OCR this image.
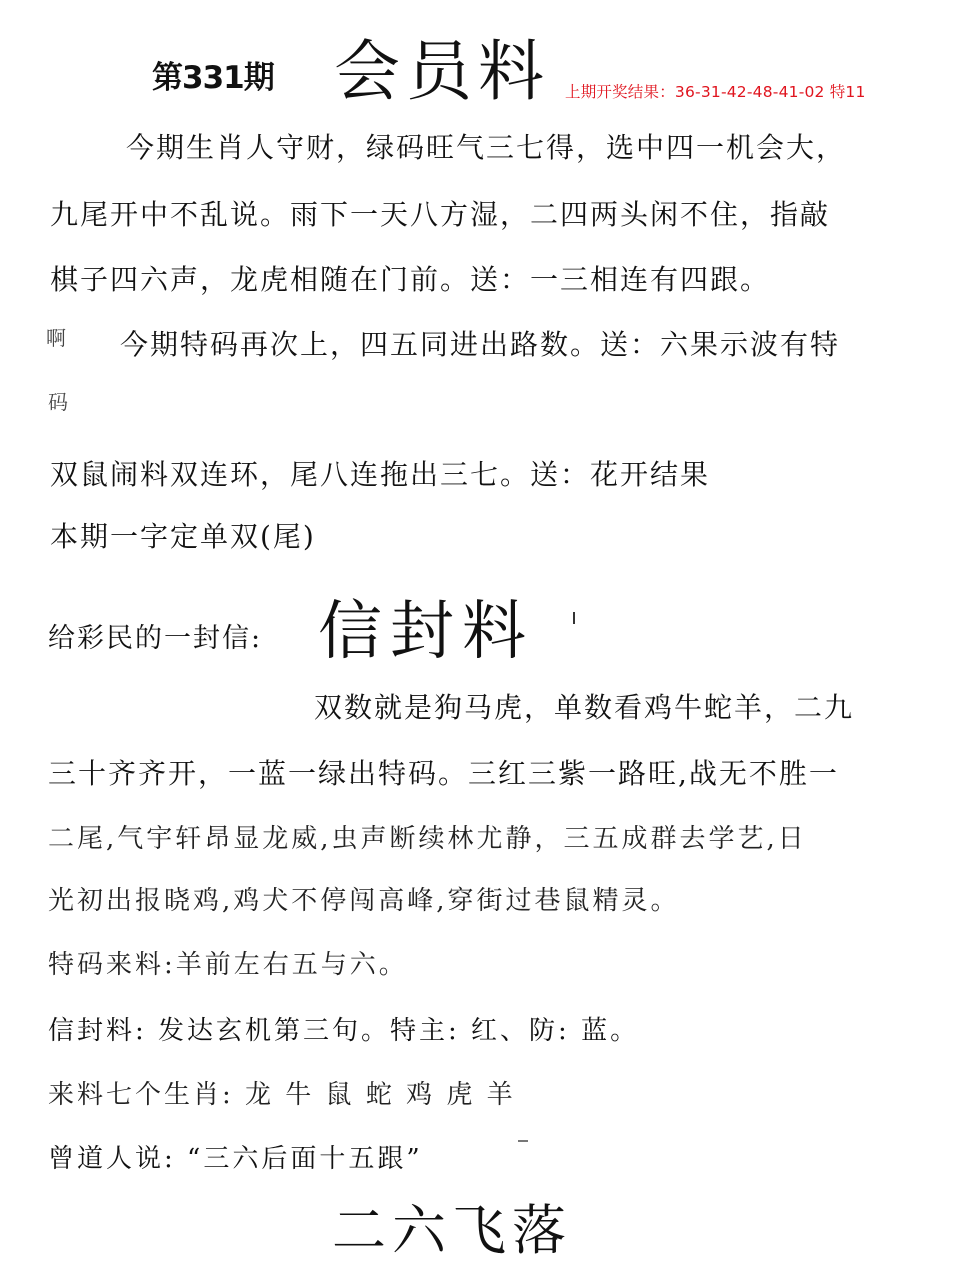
第331期 会员料 上期开奖结果：36-31-42-48-41-02 特11
今期生肖人守财，绿码旺气三七得，选中四一机会大，
九尾开中不乱说。雨下一天八方湿，二四两头闲不住，指敲
棋子四六声，龙虎相随在门前。送：一三相连有四跟。
啊 今期特码再次上，四五同进出路数。送：六果示波有特
码
双鼠闹料双连环，尾八连拖出三七。送：花开结果
本期一字定单双(尾)
给彩民的一封信: 信封料
双数就是狗马虎，单数看鸡牛蛇羊，二九
三十齐齐开，一蓝一绿出特码。三红三紫一路旺,战无不胜一
二尾,气宇轩昂显龙威,虫声断续林尤静，三五成群去学艺,日
光初出报晓鸡,鸡犬不停闯高峰,穿街过巷鼠精灵。
特码来料:羊前左右五与六。
信封料: 发达玄机第三句。特主: 红、防: 蓝。
来料七个生肖: 龙 牛 鼠 蛇 鸡 虎 羊
曾道人说: “三六后面十五跟”
二六飞落
